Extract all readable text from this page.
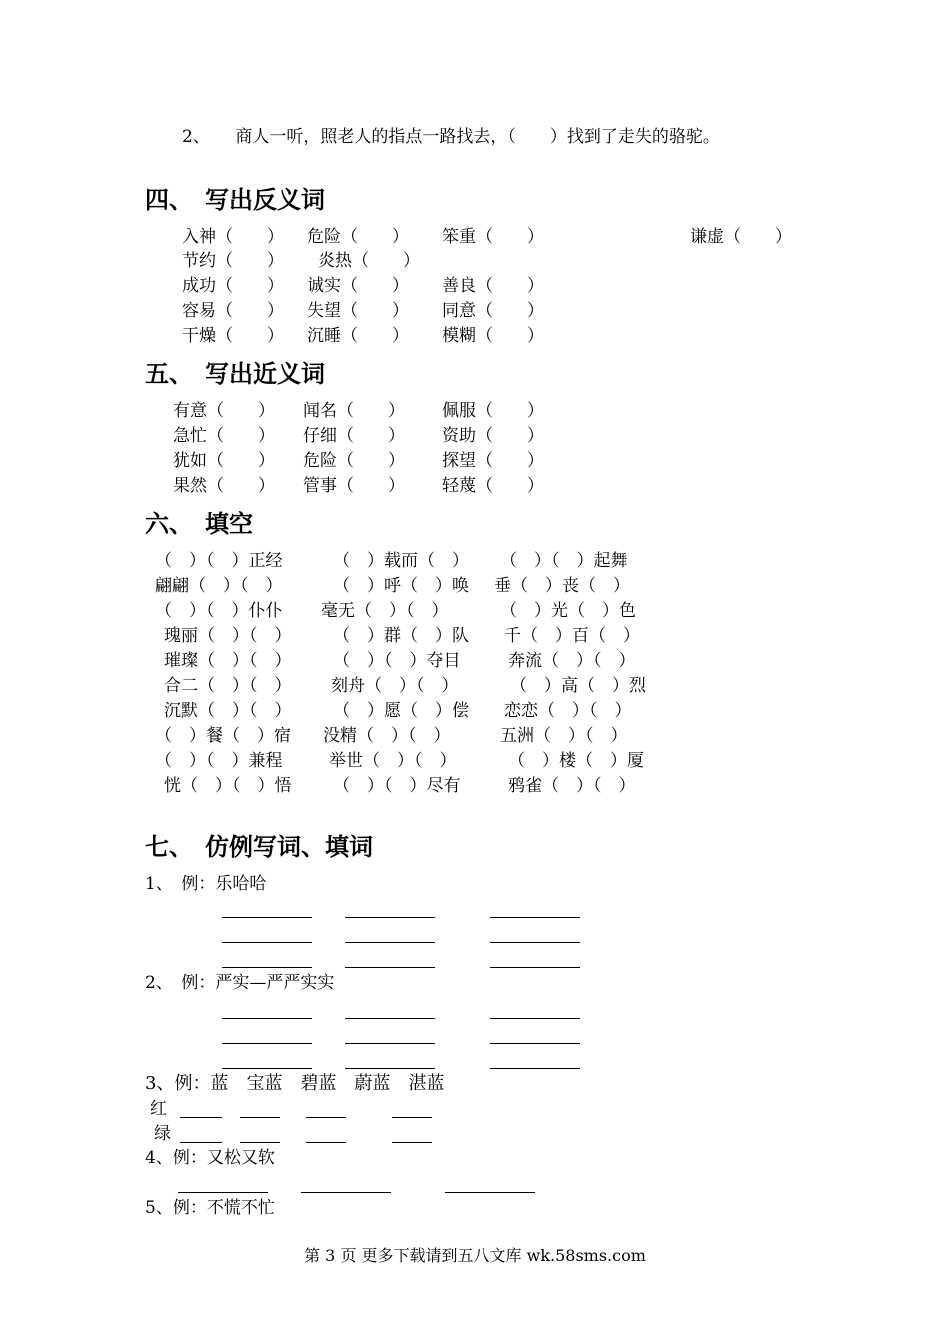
2、　　商人一听，照老人的指点一路找去，（　　）找到了走失的骆驼。
四、　写出反义词
入神（　　） 危险（　　） 笨重（　　）	谦虚（　　）
节约（　　） 炎热（　　）
成功（　　） 诚实（　　） 善良（　　）
容易（　　） 失望（　　） 同意（　　）
干燥（　　） 沉睡（　　） 模糊（　　）
五、　写出近义词
有意（　　） 闻名（　　） 佩服（　　）
急忙（　　） 仔细（　　） 资助（　　）
犹如（　　） 危险（　　） 探望（　　）
果然（　　） 管事（　　） 轻蔑（　　）
六、　填空
（　）（　）正经	（　）载而（　） （　）（　）起舞
翩翩（　）（　）	（　）呼（　）唤 垂（　）丧（　）
（　）（　）仆仆 毫无（　）（　）	（　）光（　）色
瑰丽（　）（　） （　）群（　）队 千（　）百（　）
璀璨（　）（　） （　）（　）夺目	奔流（　）（　）
合二（　）（　） 刻舟（　）（　）	（　）高（　）烈
沉默（　）（　） （　）愿（　）偿 恋恋（　）（　）
（　）餐（　）宿 没精（　）（　）	五洲（　）（　）
（　）（　）兼程	举世（　）（　）	（　）楼（　）厦
恍（　）（　）悟 （　）（　）尽有	鸦雀（　）（　）
七、　仿例写词、填词
1、　例：乐哈哈
2、　例：严实—严严实实
3、例：蓝　宝蓝　碧蓝　蔚蓝　湛蓝
红
绿
4、例：又松又软
5、例：不慌不忙
第 3 页 更多下载请到五八文库 wk.58sms.com
